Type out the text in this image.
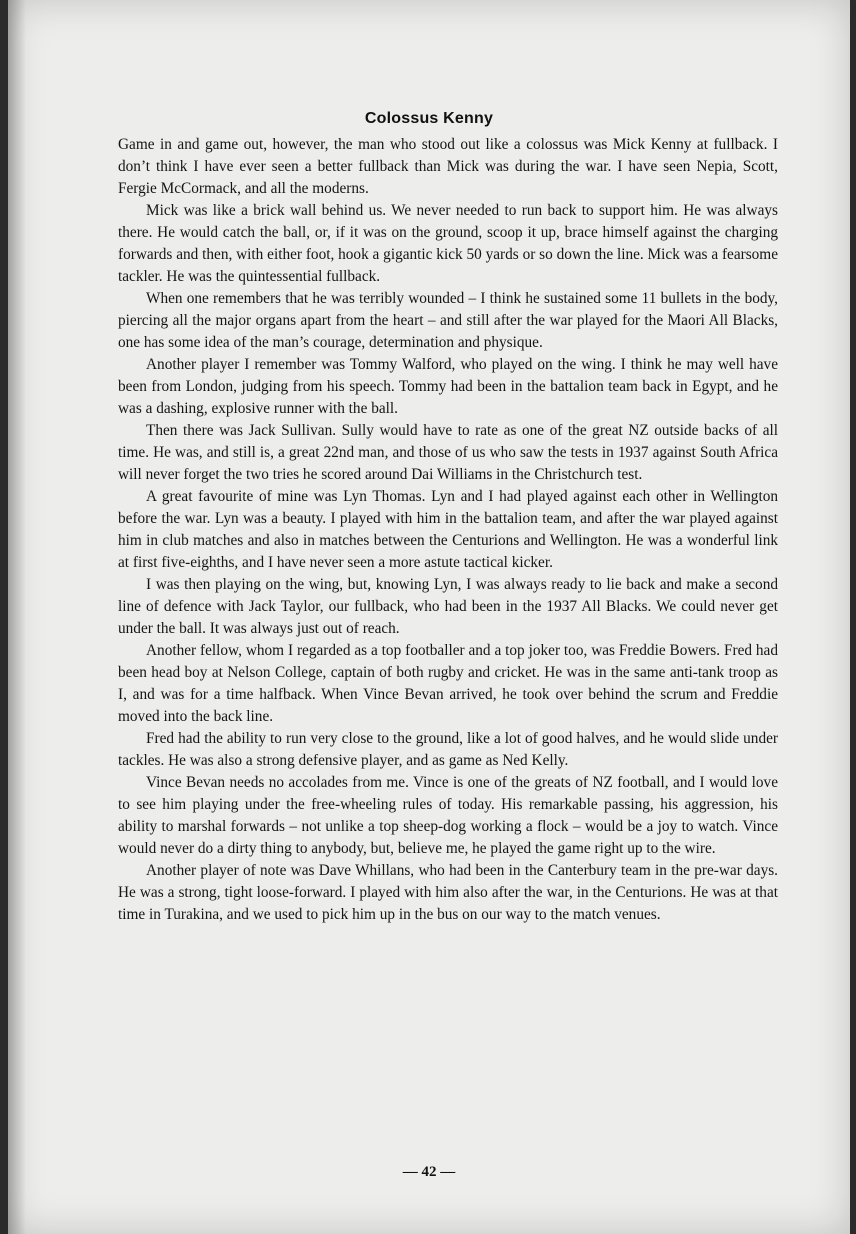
Colossus Kenny

Game in and game out, however, the man who stood out like a colossus was Mick Kenny at fullback. I don’t think I have ever seen a better fullback than Mick was during the war. I have seen Nepia, Scott, Fergie McCormack, and all the moderns.

Mick was like a brick wall behind us. We never needed to run back to support him. He was always there. He would catch the ball, or, if it was on the ground, scoop it up, brace himself against the charging forwards and then, with either foot, hook a gigantic kick 50 yards or so down the line. Mick was a fearsome tackler. He was the quintessential fullback.

When one remembers that he was terribly wounded – I think he sustained some 11 bullets in the body, piercing all the major organs apart from the heart – and still after the war played for the Maori All Blacks, one has some idea of the man’s courage, determination and physique.

Another player I remember was Tommy Walford, who played on the wing. I think he may well have been from London, judging from his speech. Tommy had been in the battalion team back in Egypt, and he was a dashing, explosive runner with the ball.

Then there was Jack Sullivan. Sully would have to rate as one of the great NZ outside backs of all time. He was, and still is, a great 22nd man, and those of us who saw the tests in 1937 against South Africa will never forget the two tries he scored around Dai Williams in the Christchurch test.

A great favourite of mine was Lyn Thomas. Lyn and I had played against each other in Wellington before the war. Lyn was a beauty. I played with him in the battalion team, and after the war played against him in club matches and also in matches between the Centurions and Wellington. He was a wonderful link at first five-eighths, and I have never seen a more astute tactical kicker.

I was then playing on the wing, but, knowing Lyn, I was always ready to lie back and make a second line of defence with Jack Taylor, our fullback, who had been in the 1937 All Blacks. We could never get under the ball. It was always just out of reach.

Another fellow, whom I regarded as a top footballer and a top joker too, was Freddie Bowers. Fred had been head boy at Nelson College, captain of both rugby and cricket. He was in the same anti-tank troop as I, and was for a time halfback. When Vince Bevan arrived, he took over behind the scrum and Freddie moved into the back line.

Fred had the ability to run very close to the ground, like a lot of good halves, and he would slide under tackles. He was also a strong defensive player, and as game as Ned Kelly.

Vince Bevan needs no accolades from me. Vince is one of the greats of NZ football, and I would love to see him playing under the free-wheeling rules of today. His remarkable passing, his aggression, his ability to marshal forwards – not unlike a top sheep-dog working a flock – would be a joy to watch. Vince would never do a dirty thing to anybody, but, believe me, he played the game right up to the wire.

Another player of note was Dave Whillans, who had been in the Canterbury team in the pre-war days. He was a strong, tight loose-forward. I played with him also after the war, in the Centurions. He was at that time in Turakina, and we used to pick him up in the bus on our way to the match venues.

— 42 —
